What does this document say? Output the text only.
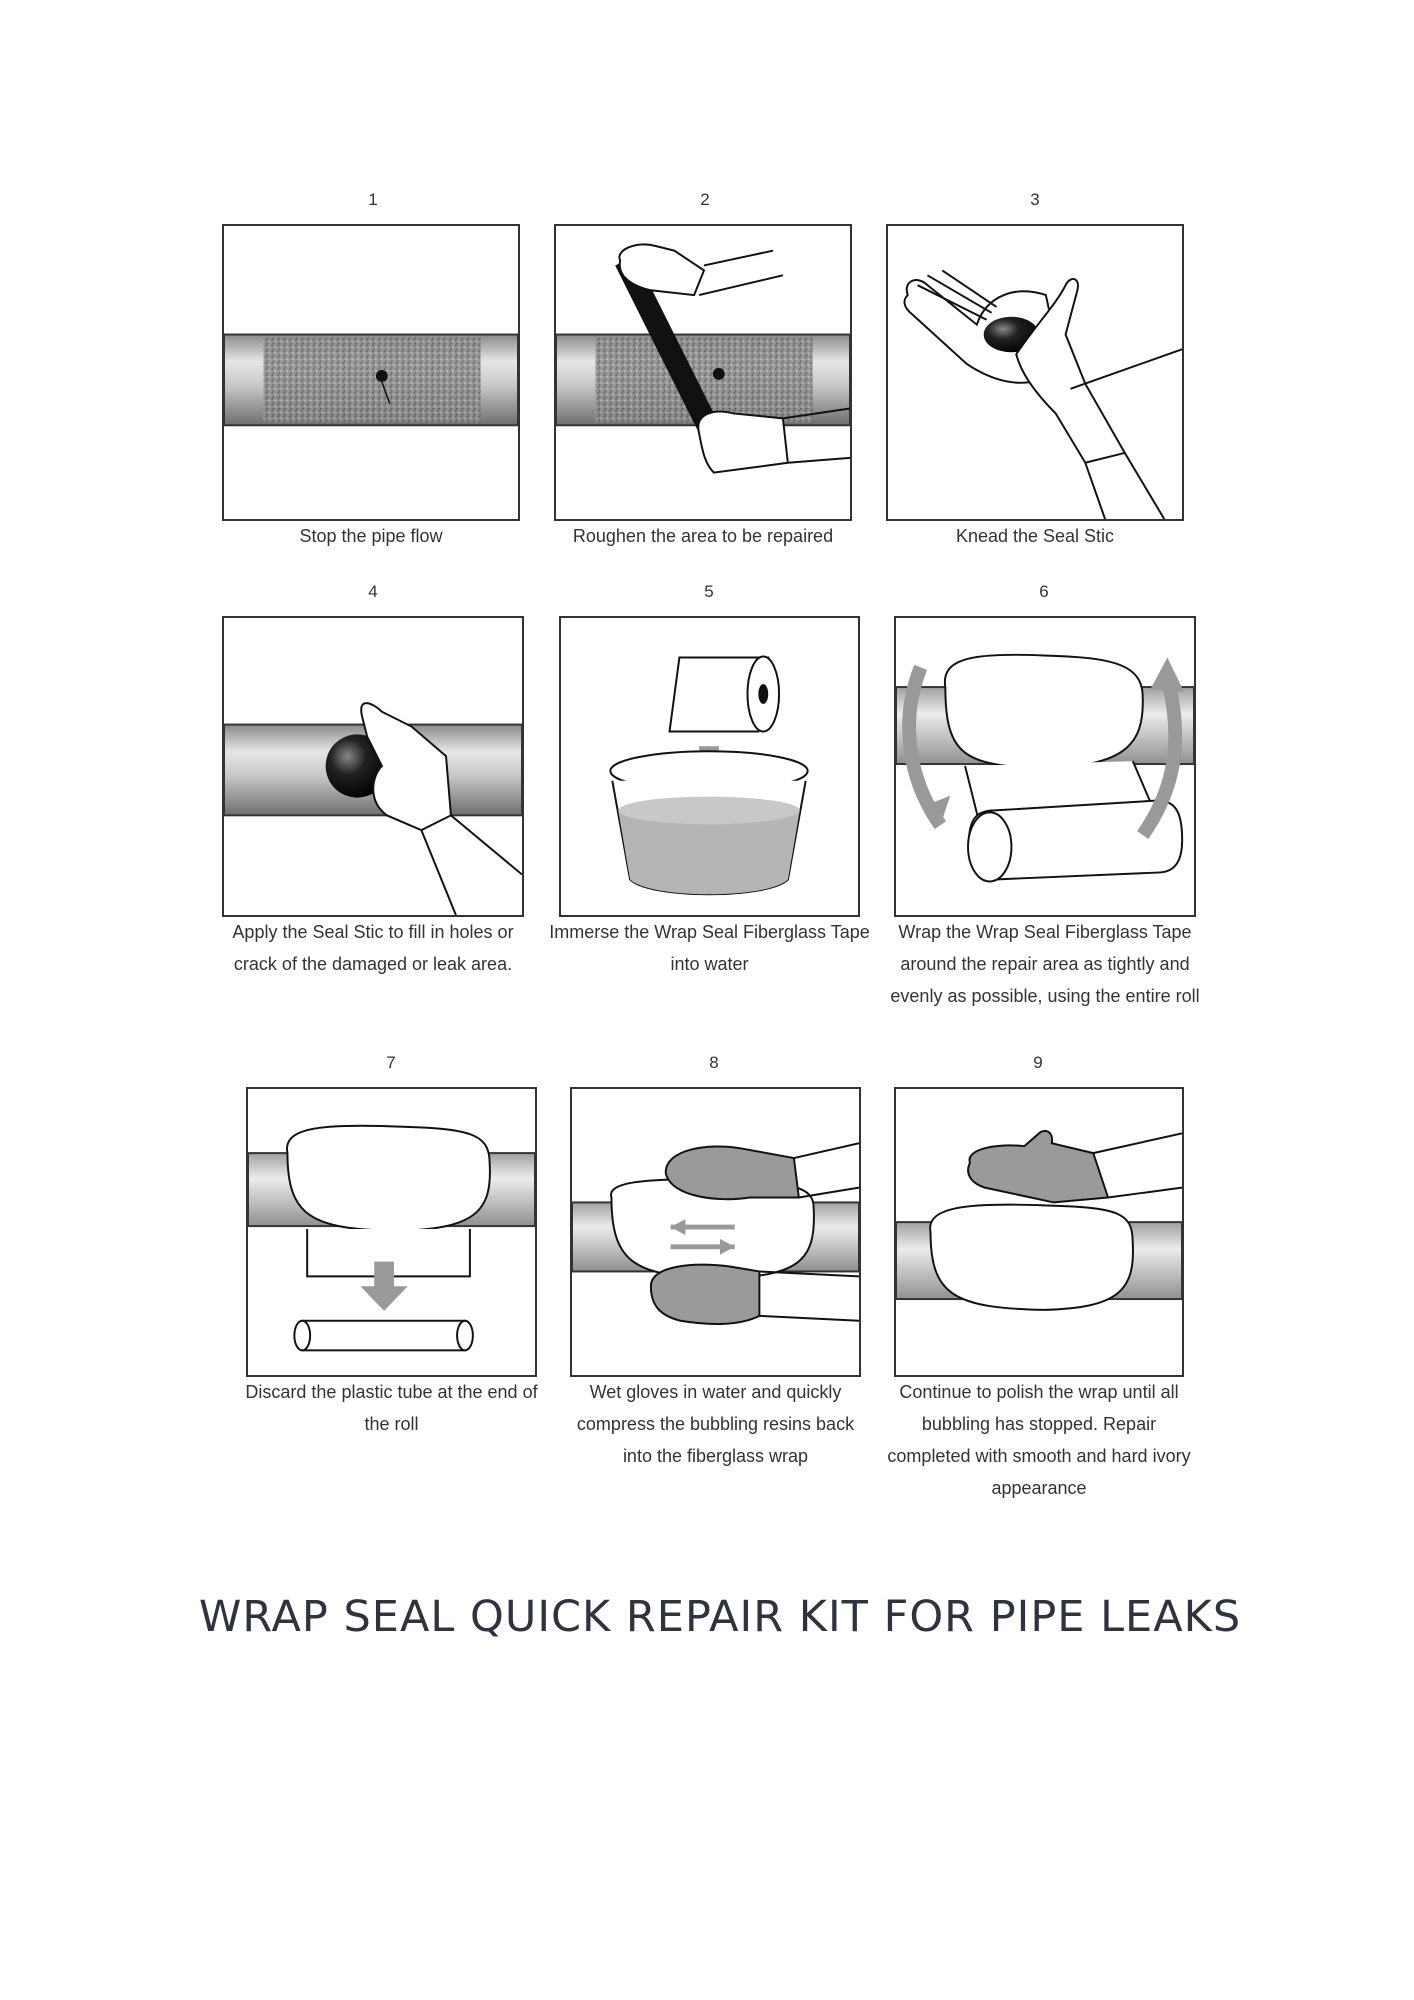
1
Stop the pipe flow
2
Roughen the area to be repaired
3
Knead the Seal Stic
4
Apply the Seal Stic to fill in holes or crack of the damaged or leak area.
5
Immerse the Wrap Seal Fiberglass Tape into water
6
Wrap the Wrap Seal Fiberglass Tape around the repair area as tightly and evenly as possible, using the entire roll
7
Discard the plastic tube at the end of the roll
8
Wet gloves in water and quickly compress the bubbling resins back into the fiberglass wrap
9
Continue to polish the wrap until all bubbling has stopped. Repair completed with smooth and hard ivory appearance
WRAP SEAL QUICK REPAIR KIT FOR PIPE LEAKS
